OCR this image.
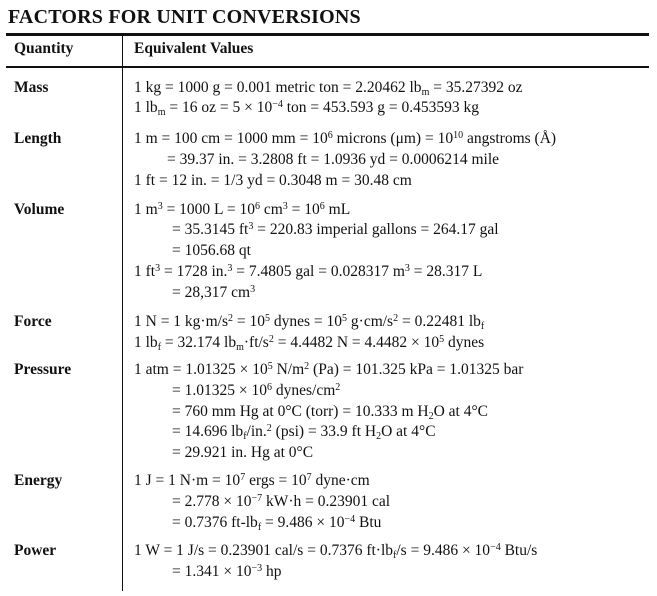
FACTORS FOR UNIT CONVERSIONS
Quantity	Equivalent Values
Mass	1 kg = 1000 g = 0.001 metric ton = 2.20462 $lb_m = 35.27392$ oz
1 $lb_m = 16$ oz = $5 \times 10^{-4}$ ton = 453.593 g = 0.453593 kg
Length	1 m = 100 cm = 1000 mm = $10^6$ microns $(\mu m) = 10^{10}$ angstroms (Å)
= 39.37 in. = 3.2808 ft = 1.0936 yd = 0.0006214 mile
1 ft = 12 in. = 1/3 yd = 0.3048 m = 30.48 cm
Volume	1 $m^3 = 1000$ $L = 10^6$ $cm^3 = 10^6$ mL
= 35.3145 $ft^3 = 220.83$ imperial gallons = 264.17 gal
= 1056.68 qt
1 $ft^3 = 1728$ in.$^3$ = 7.4805 gal = 0.028317 $m^3 = 28.317$ L
= 28,317 $cm^3$
Force	1 N = 1 $kg\cdot m/s^2 = 10^5$ dynes = $10^5$ $g\cdot cm/s^2 = 0.22481$ $lb_f$
1 $lb_f = 32.174$ $lb_m\cdot ft/s^2 = 4.4482$ $N = 4.4482 \times 10^5$ dynes
Pressure	1 atm = $1.01325 \times 10^5$ $N/m^2$ (Pa) = 101.325 kPa = 1.01325 bar
= $1.01325 \times 10^6$ dynes/$cm^2$
= 760 mm Hg at 0°C (torr) = 10.333 m $H_2O$ at 4°C
= 14.696 $lb_f/in.^2$ (psi) = 33.9 ft $H_2O$ at 4°C
= 29.921 in. Hg at 0°C
Energy	1 J = 1 $N\cdot m = 10^7$ ergs = $10^7$ dyne·cm
= $2.778 \times 10^{-7}$ kW·h = 0.23901 cal
= 0.7376 $ft-lb_f = 9.486 \times 10^{-4}$ Btu
Power	1 W = 1 J/s = 0.23901 cal/s = 0.7376 $ft\cdot lb_f/s = 9.486 \times 10^{-4}$ Btu/s
= $1.341 \times 10^{-3}$ hp
